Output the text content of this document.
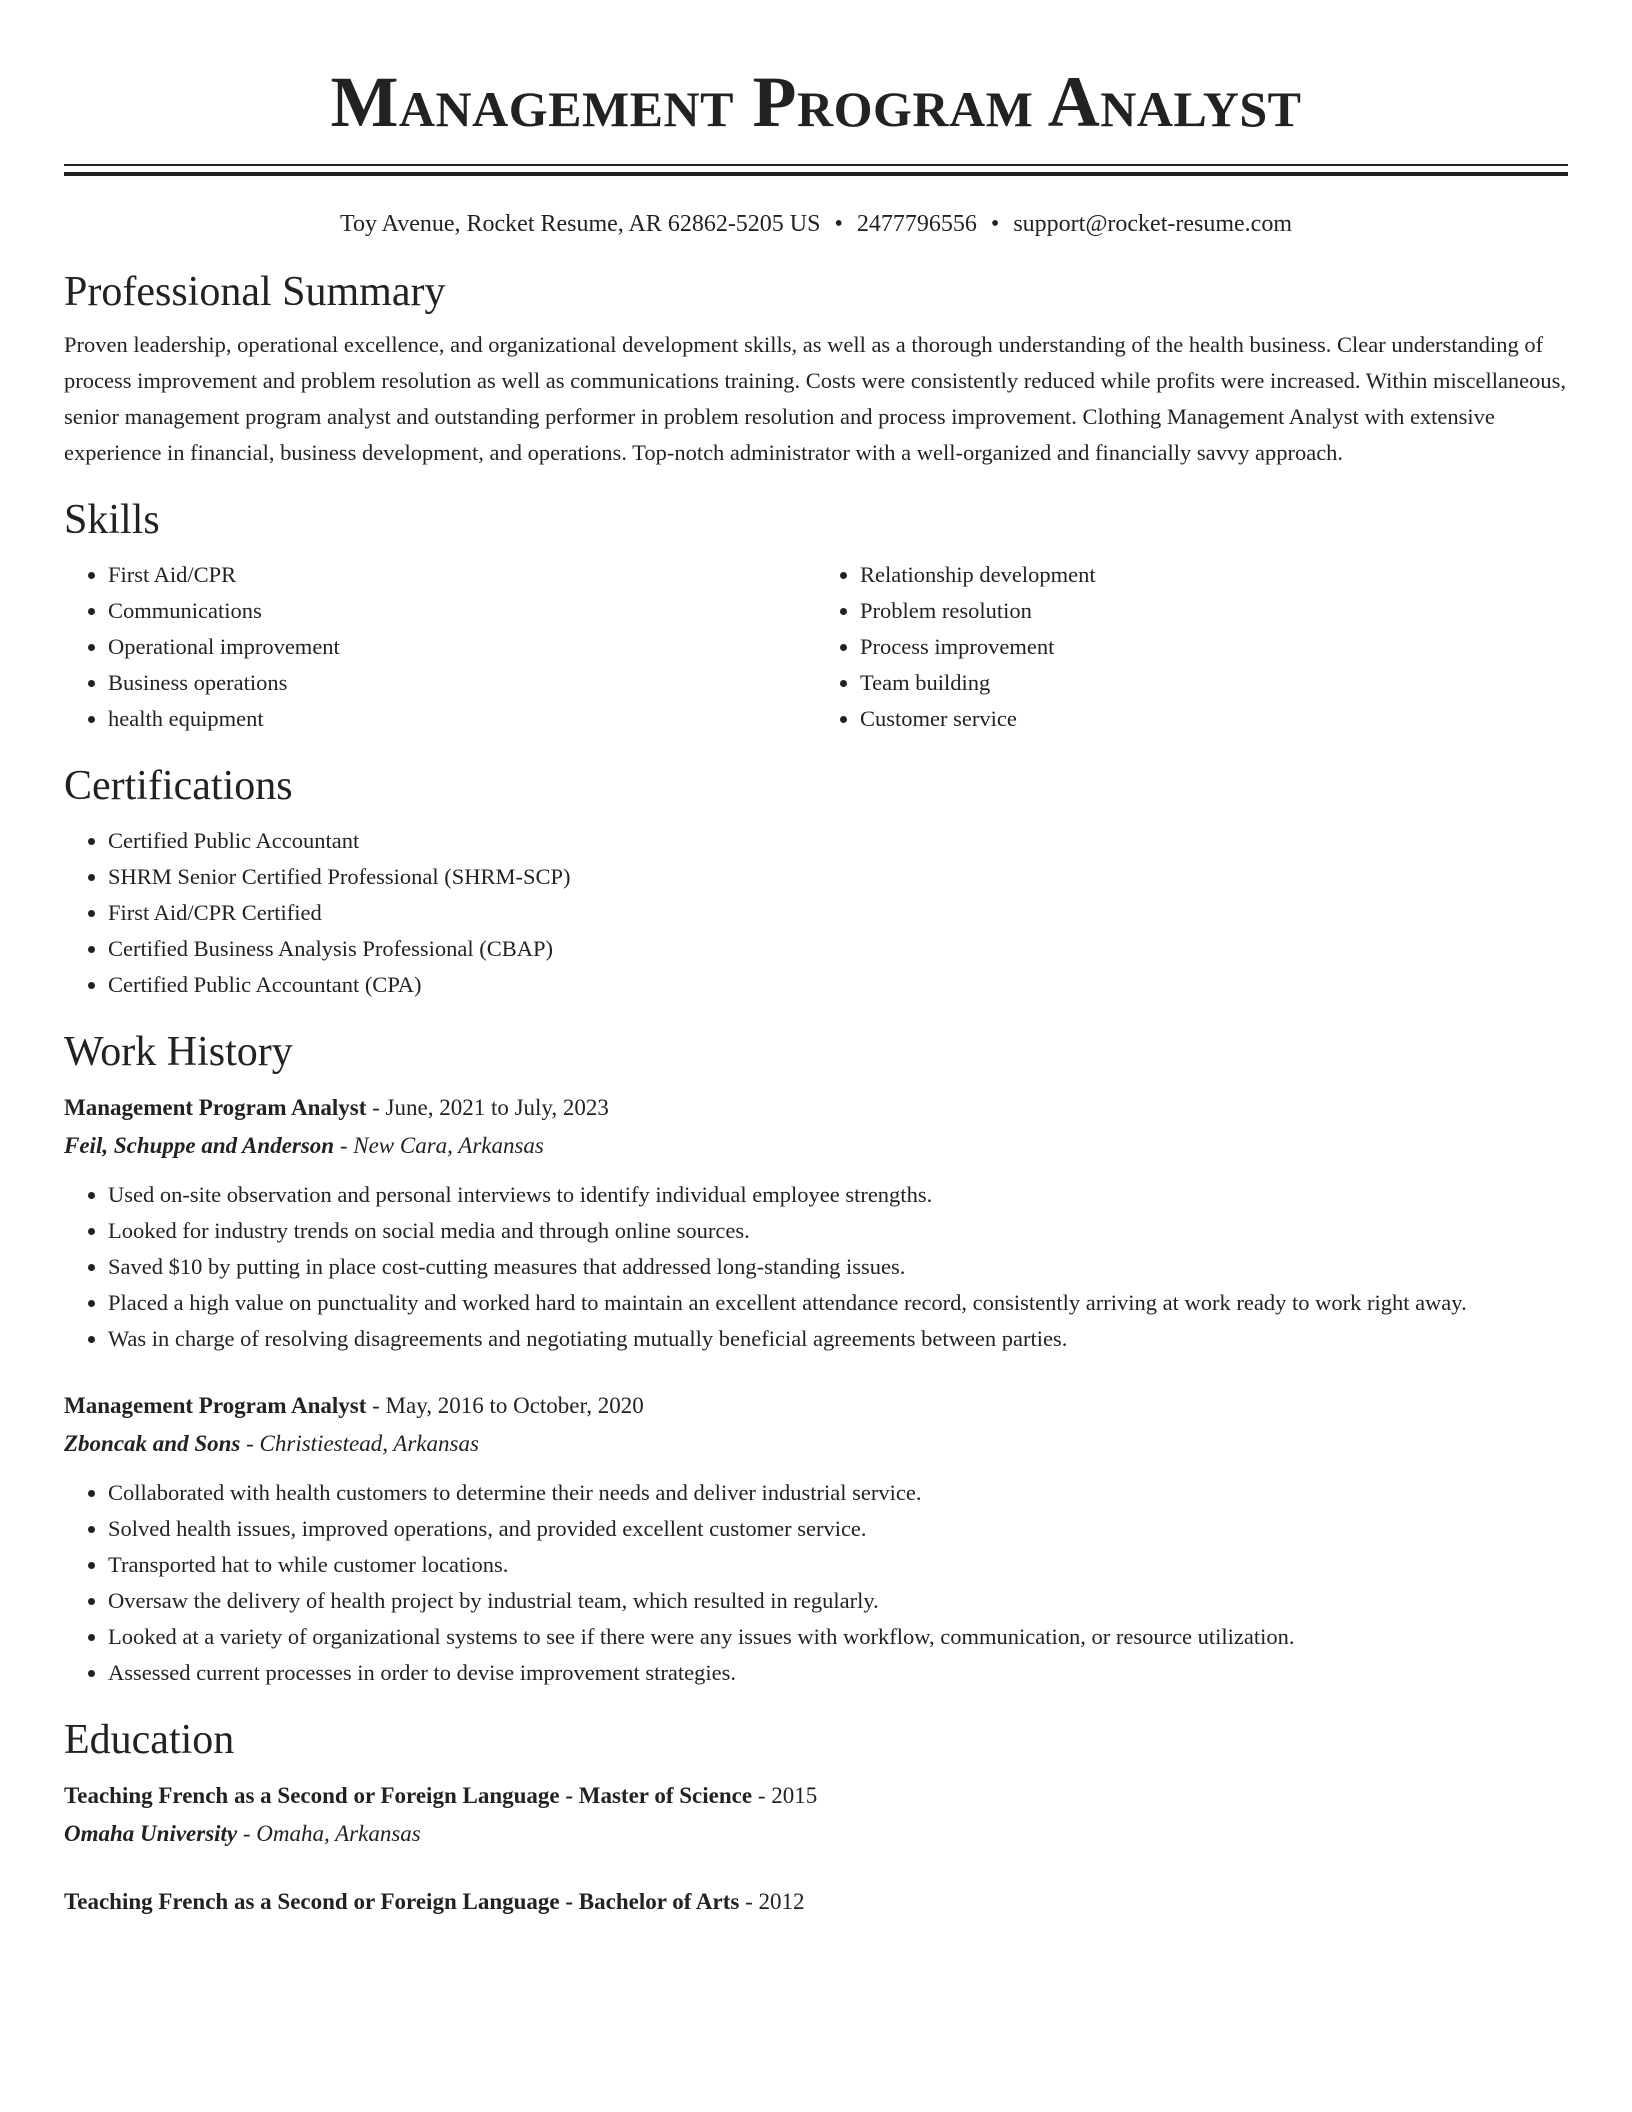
Management Program Analyst
Toy Avenue, Rocket Resume, AR 62862-5205 US • 2477796556 • support@rocket-resume.com
Professional Summary

Proven leadership, operational excellence, and organizational development skills, as well as a thorough understanding of the health business. Clear understanding of process improvement and problem resolution as well as communications training. Costs were consistently reduced while profits were increased. Within miscellaneous, senior management program analyst and outstanding performer in problem resolution and process improvement. Clothing Management Analyst with extensive experience in financial, business development, and operations. Top-notch administrator with a well-organized and financially savvy approach.

Skills
• First Aid/CPR
• Communications
• Operational improvement
• Business operations
• health equipment
• Relationship development
• Problem resolution
• Process improvement
• Team building
• Customer service
Certifications
• Certified Public Accountant
• SHRM Senior Certified Professional (SHRM-SCP)
• First Aid/CPR Certified
• Certified Business Analysis Professional (CBAP)
• Certified Public Accountant (CPA)
Work History
Management Program Analyst - June, 2021 to July, 2023
Feil, Schuppe and Anderson - New Cara, Arkansas
• Used on-site observation and personal interviews to identify individual employee strengths.
• Looked for industry trends on social media and through online sources.
• Saved $10 by putting in place cost-cutting measures that addressed long-standing issues.
• Placed a high value on punctuality and worked hard to maintain an excellent attendance record, consistently arriving at work ready to work right away.
• Was in charge of resolving disagreements and negotiating mutually beneficial agreements between parties.
Management Program Analyst - May, 2016 to October, 2020
Zboncak and Sons - Christiestead, Arkansas
• Collaborated with health customers to determine their needs and deliver industrial service.
• Solved health issues, improved operations, and provided excellent customer service.
• Transported hat to while customer locations.
• Oversaw the delivery of health project by industrial team, which resulted in regularly.
• Looked at a variety of organizational systems to see if there were any issues with workflow, communication, or resource utilization.
• Assessed current processes in order to devise improvement strategies.
Education
Teaching French as a Second or Foreign Language - Master of Science - 2015
Omaha University - Omaha, Arkansas
Teaching French as a Second or Foreign Language - Bachelor of Arts - 2012
